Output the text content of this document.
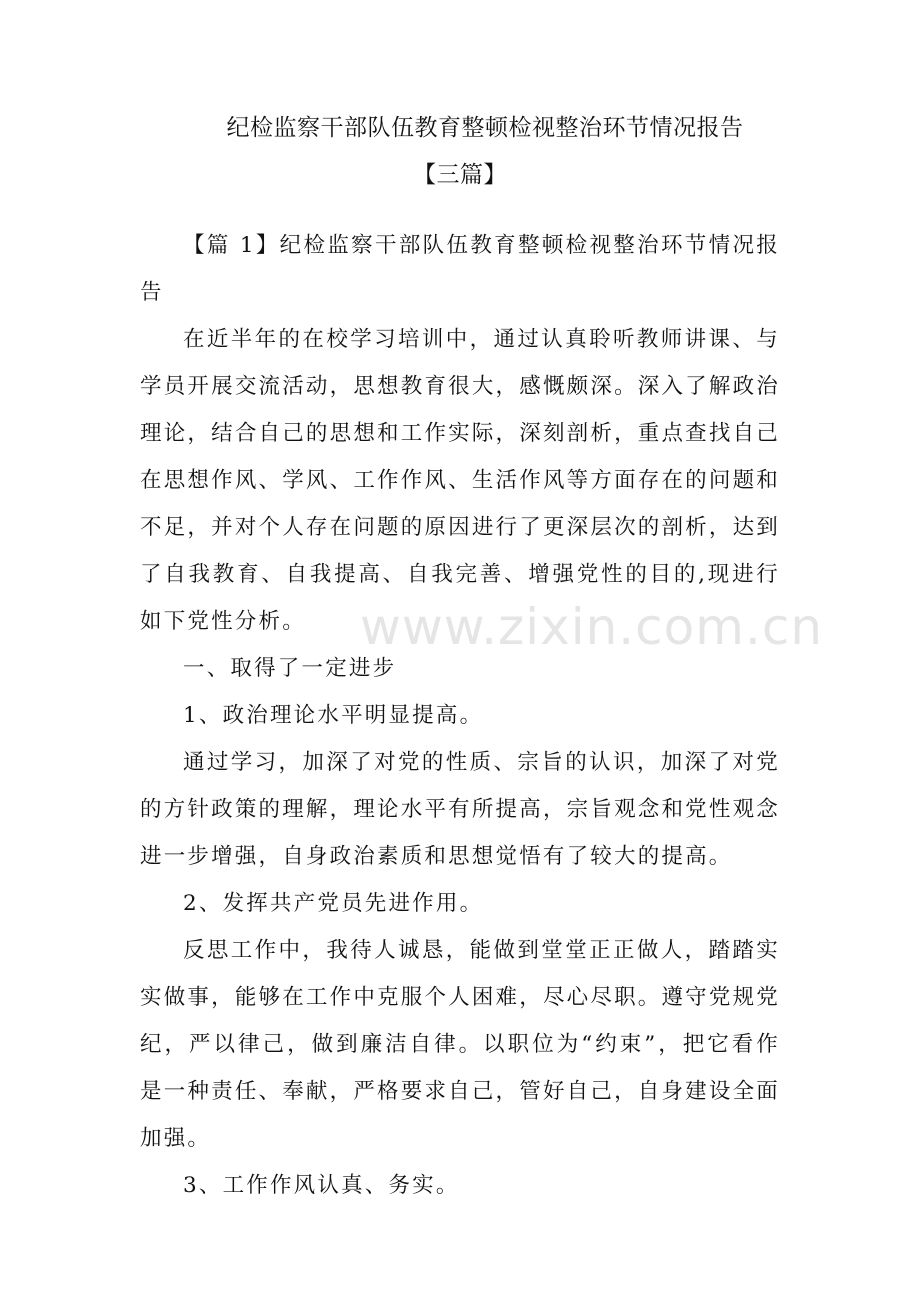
纪检监察干部队伍教育整顿检视整治环节情况报告
【三篇】

【篇 1】纪检监察干部队伍教育整顿检视整治环节情况报告

在近半年的在校学习培训中，通过认真聆听教师讲课、与学员开展交流活动，思想教育很大，感慨颇深。深入了解政治理论，结合自己的思想和工作实际，深刻剖析，重点查找自己在思想作风、学风、工作作风、生活作风等方面存在的问题和不足，并对个人存在问题的原因进行了更深层次的剖析，达到了自我教育、自我提高、自我完善、增强党性的目的,现进行如下党性分析。

一、取得了一定进步

1、政治理论水平明显提高。

通过学习，加深了对党的性质、宗旨的认识，加深了对党的方针政策的理解，理论水平有所提高，宗旨观念和党性观念进一步增强，自身政治素质和思想觉悟有了较大的提高。

2、发挥共产党员先进作用。

反思工作中，我待人诚恳，能做到堂堂正正做人，踏踏实实做事，能够在工作中克服个人困难，尽心尽职。遵守党规党纪，严以律己，做到廉洁自律。以职位为“约束”，把它看作是一种责任、奉献，严格要求自己，管好自己，自身建设全面加强。

3、工作作风认真、务实。

www.zixin.com.cn
